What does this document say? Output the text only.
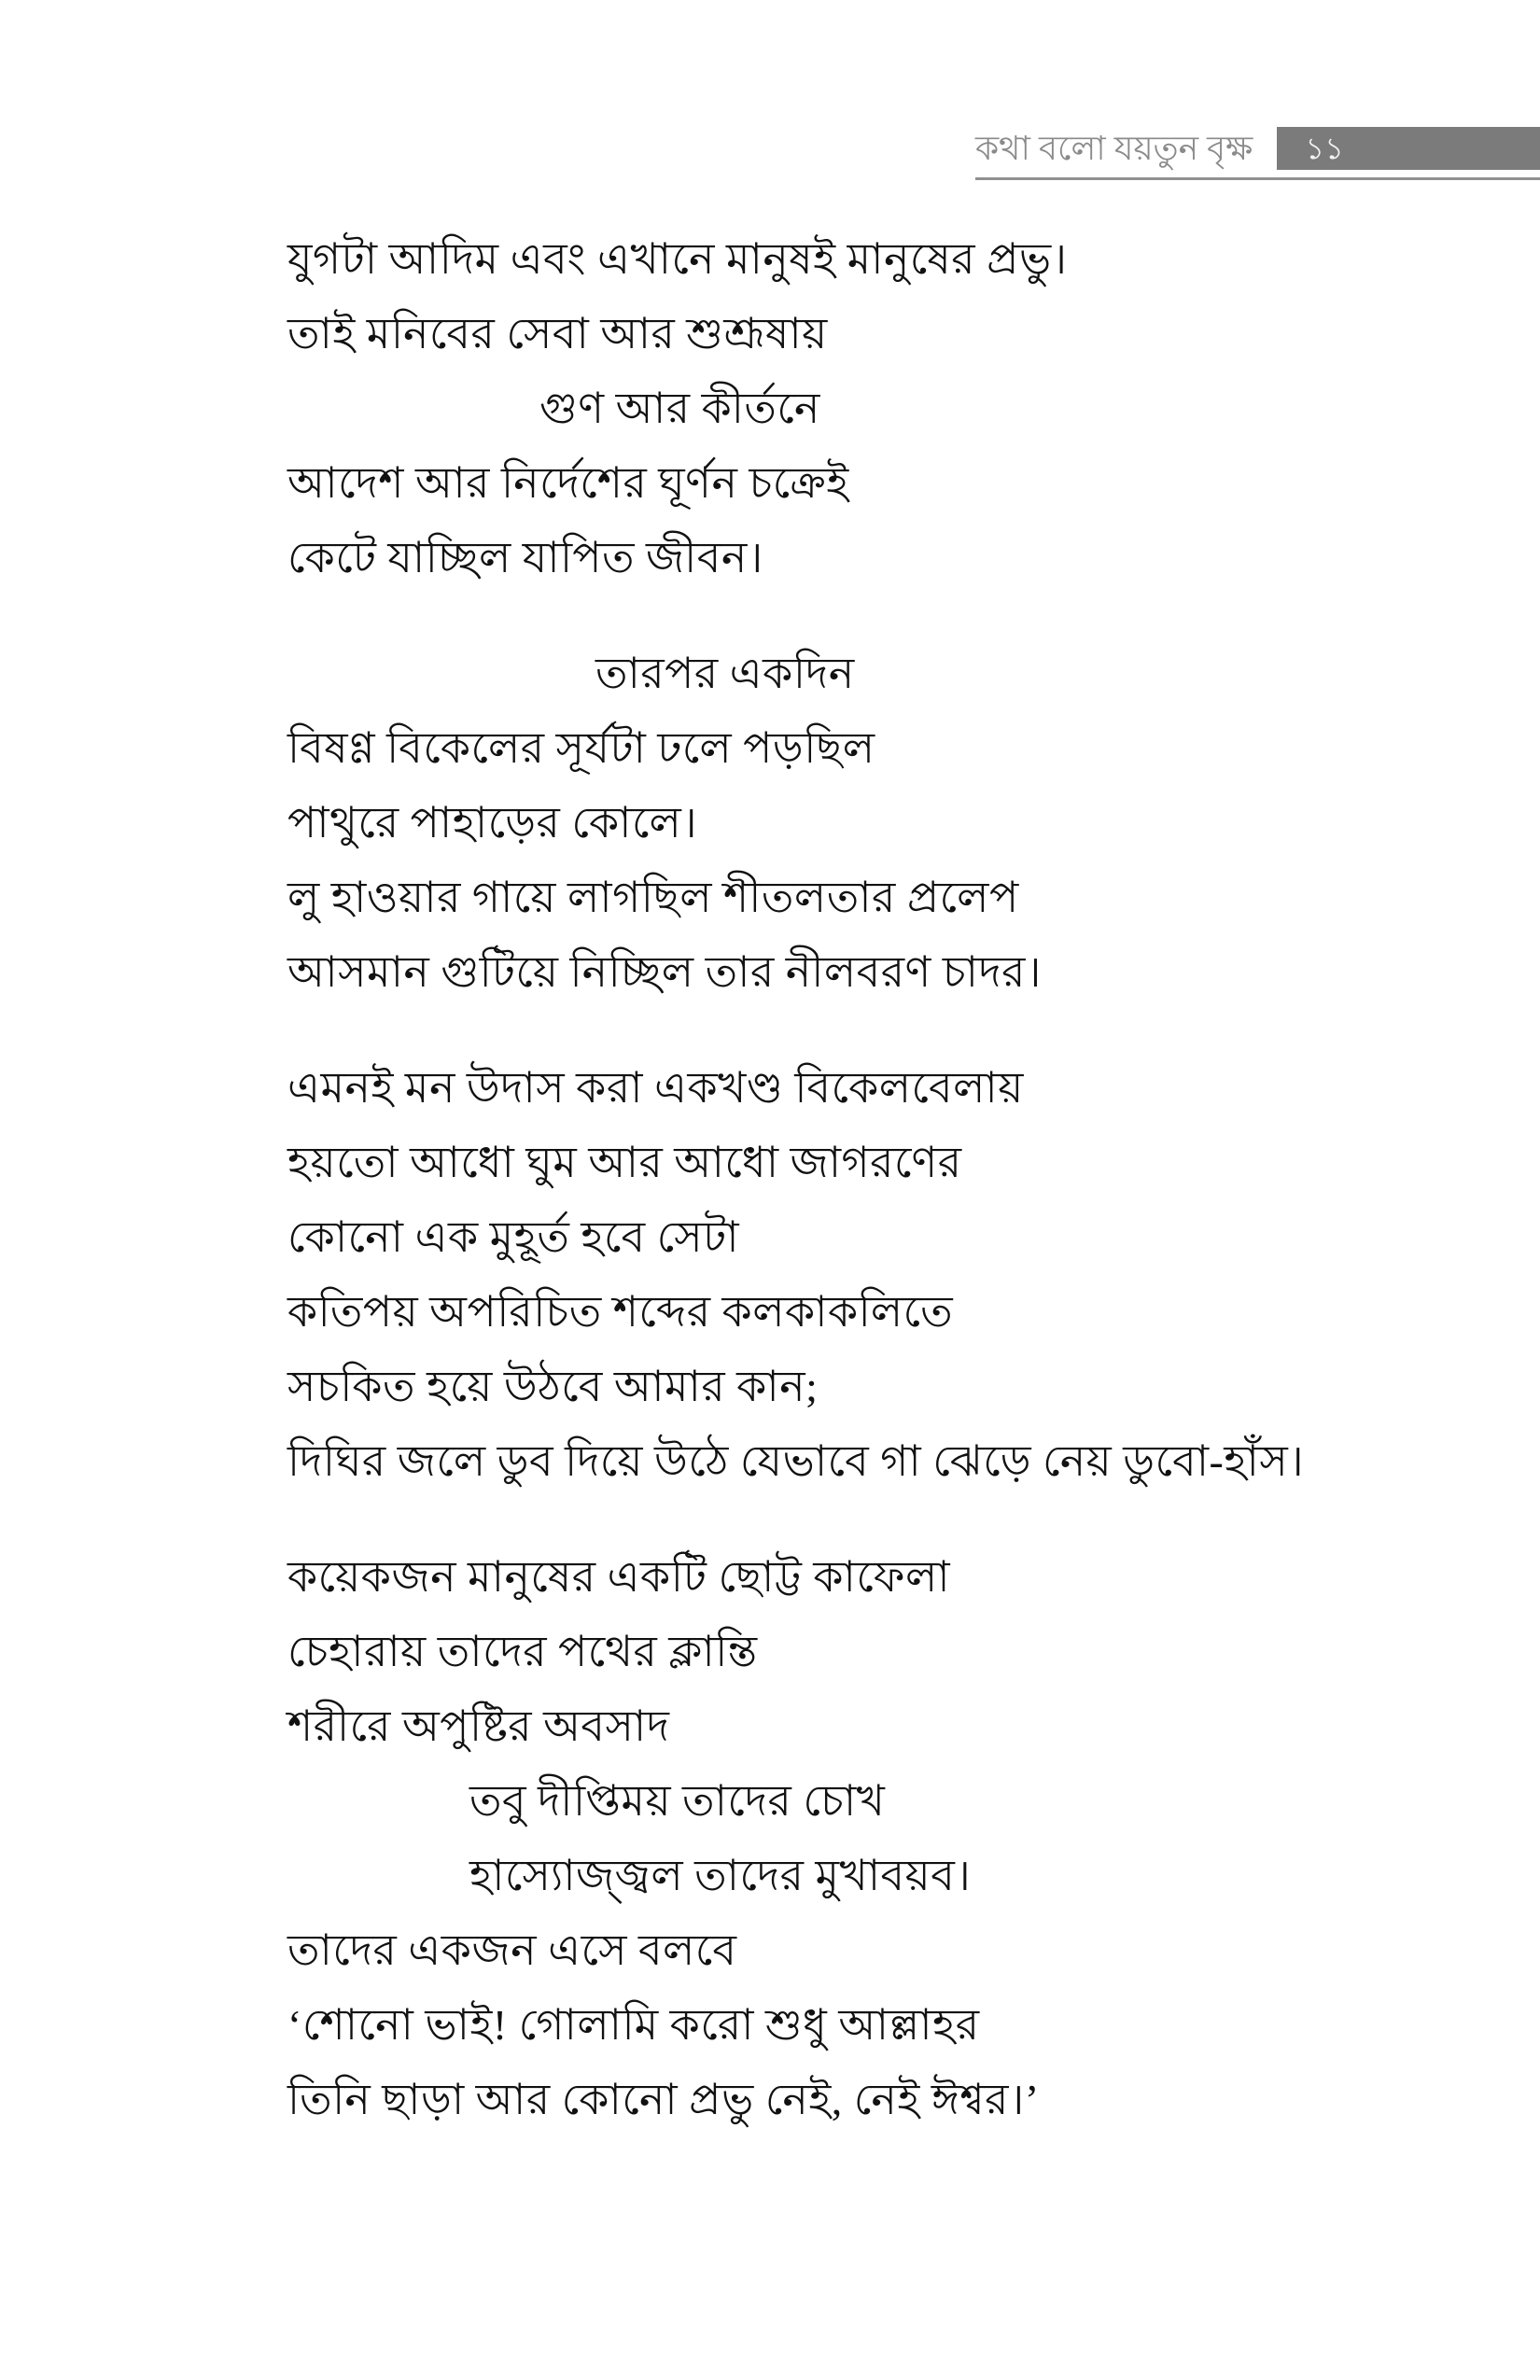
কথা বলো যয়তুন বৃক্ষ	১১
যুগটা আদিম এবং এখানে মানুষই মানুষের প্রভু।
তাই মনিবের সেবা আর শুশ্রূষায়
গুণ আর কীর্তনে
আদেশ আর নির্দেশের ঘূর্ণন চক্রেই
কেটে যাচ্ছিল যাপিত জীবন।
তারপর একদিন
বিষণ্ণ বিকেলের সূর্যটা ঢলে পড়ছিল
পাথুরে পাহাড়ের কোলে।
লু হাওয়ার গায়ে লাগছিল শীতলতার প্রলেপ
আসমান গুটিয়ে নিচ্ছিল তার নীলবরণ চাদর।
এমনই মন উদাস করা একখণ্ড বিকেলবেলায়
হয়তো আধো ঘুম আর আধো জাগরণের
কোনো এক মুহূর্ত হবে সেটা
কতিপয় অপরিচিত শব্দের কলকাকলিতে
সচকিত হয়ে উঠবে আমার কান;
দিঘির জলে ডুব দিয়ে উঠে যেভাবে গা ঝেড়ে নেয় ডুবো-হাঁস।
কয়েকজন মানুষের একটি ছোট্ট কাফেলা
চেহারায় তাদের পথের ক্লান্তি
শরীরে অপুষ্টির অবসাদ
তবু দীপ্তিময় তাদের চোখ
হাস্যোজ্জ্বল তাদের মুখাবয়ব।
তাদের একজন এসে বলবে
‘শোনো ভাই! গোলামি করো শুধু আল্লাহর
তিনি ছাড়া আর কোনো প্রভু নেই, নেই ঈশ্বর।’
